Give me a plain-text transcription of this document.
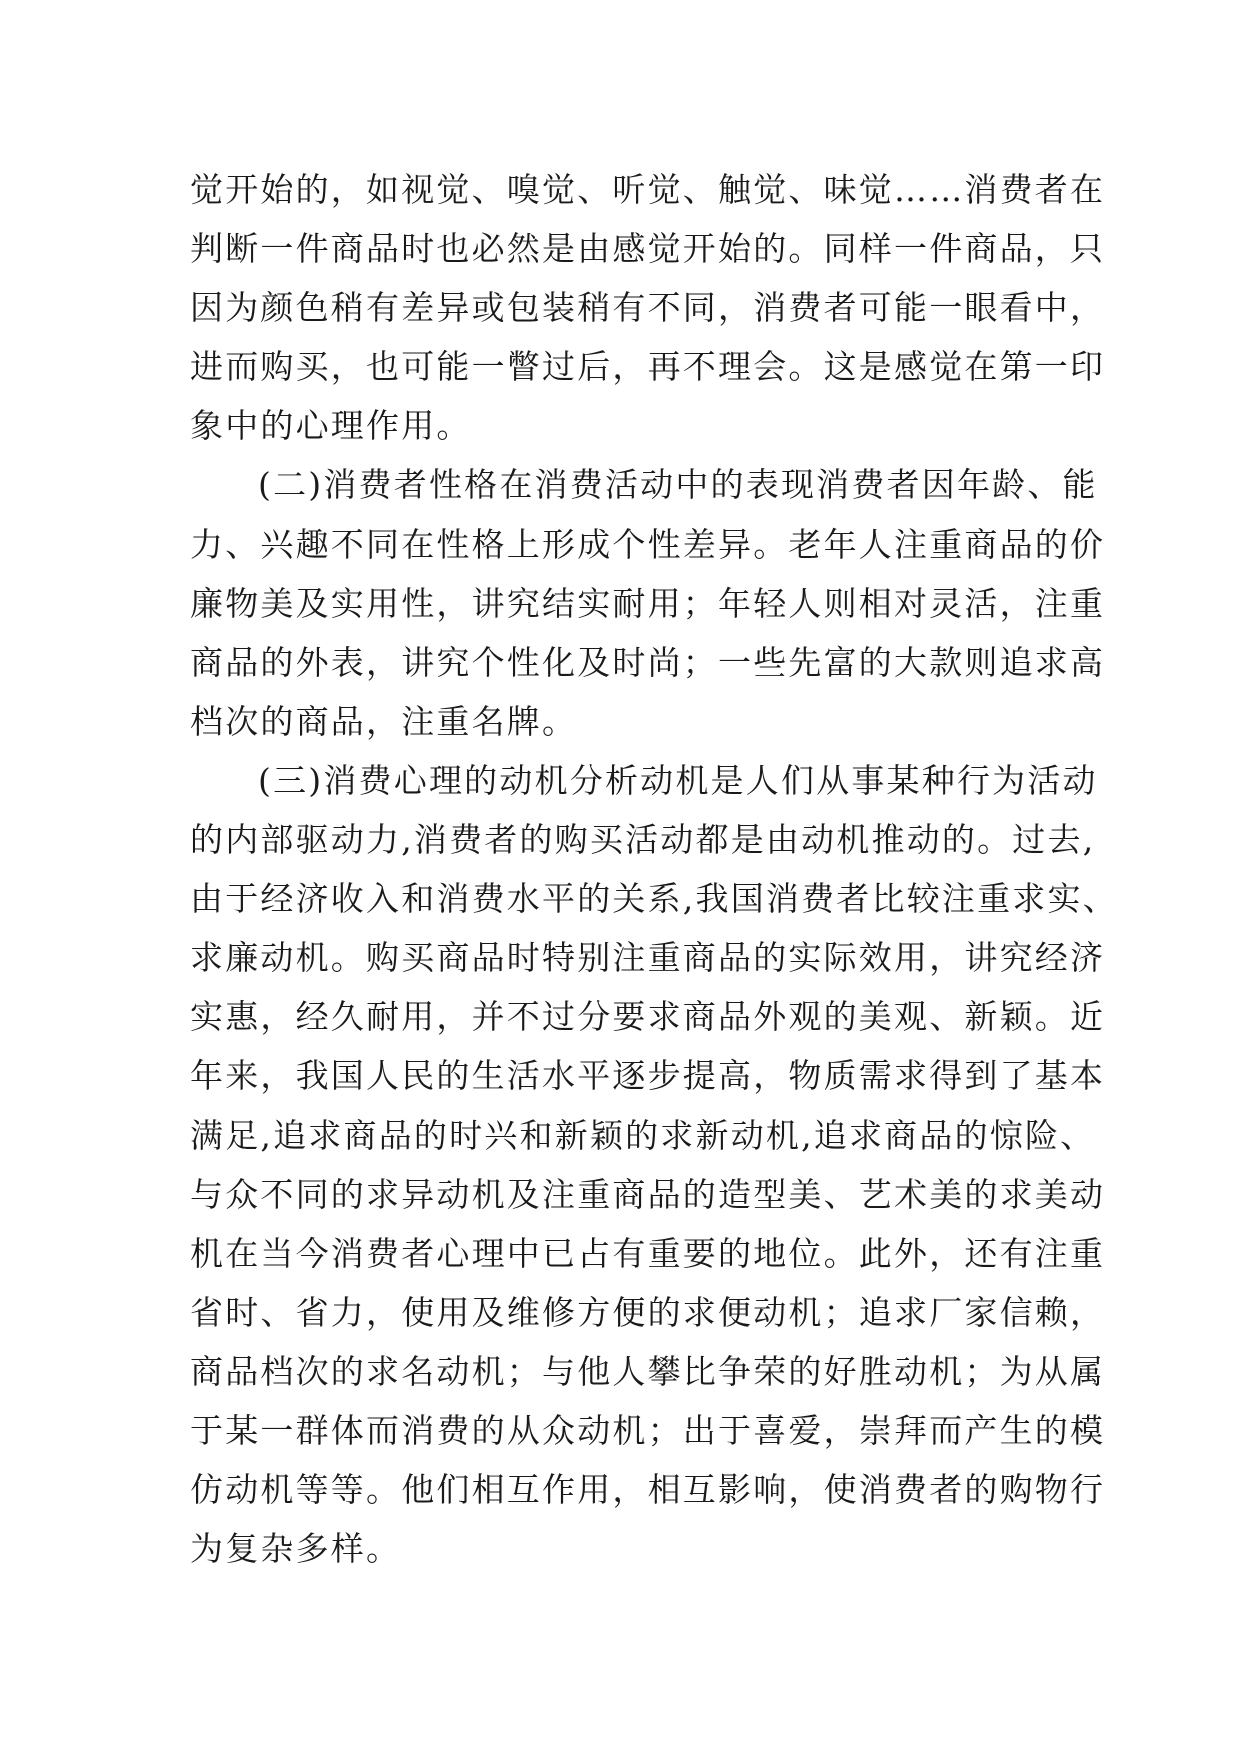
觉开始的，如视觉、嗅觉、听觉、触觉、味觉……消费者在
判断一件商品时也必然是由感觉开始的。同样一件商品，只
因为颜色稍有差异或包装稍有不同，消费者可能一眼看中，
进而购买，也可能一瞥过后，再不理会。这是感觉在第一印
象中的心理作用。
(二)消费者性格在消费活动中的表现消费者因年龄、能
力、兴趣不同在性格上形成个性差异。老年人注重商品的价
廉物美及实用性，讲究结实耐用；年轻人则相对灵活，注重
商品的外表，讲究个性化及时尚；一些先富的大款则追求高
档次的商品，注重名牌。
(三)消费心理的动机分析动机是人们从事某种行为活动
的内部驱动力,消费者的购买活动都是由动机推动的。过去,
由于经济收入和消费水平的关系,我国消费者比较注重求实、
求廉动机。购买商品时特别注重商品的实际效用，讲究经济
实惠，经久耐用，并不过分要求商品外观的美观、新颖。近
年来，我国人民的生活水平逐步提高，物质需求得到了基本
满足,追求商品的时兴和新颖的求新动机,追求商品的惊险、
与众不同的求异动机及注重商品的造型美、艺术美的求美动
机在当今消费者心理中已占有重要的地位。此外，还有注重
省时、省力，使用及维修方便的求便动机；追求厂家信赖，
商品档次的求名动机；与他人攀比争荣的好胜动机；为从属
于某一群体而消费的从众动机；出于喜爱，崇拜而产生的模
仿动机等等。他们相互作用，相互影响，使消费者的购物行
为复杂多样。
